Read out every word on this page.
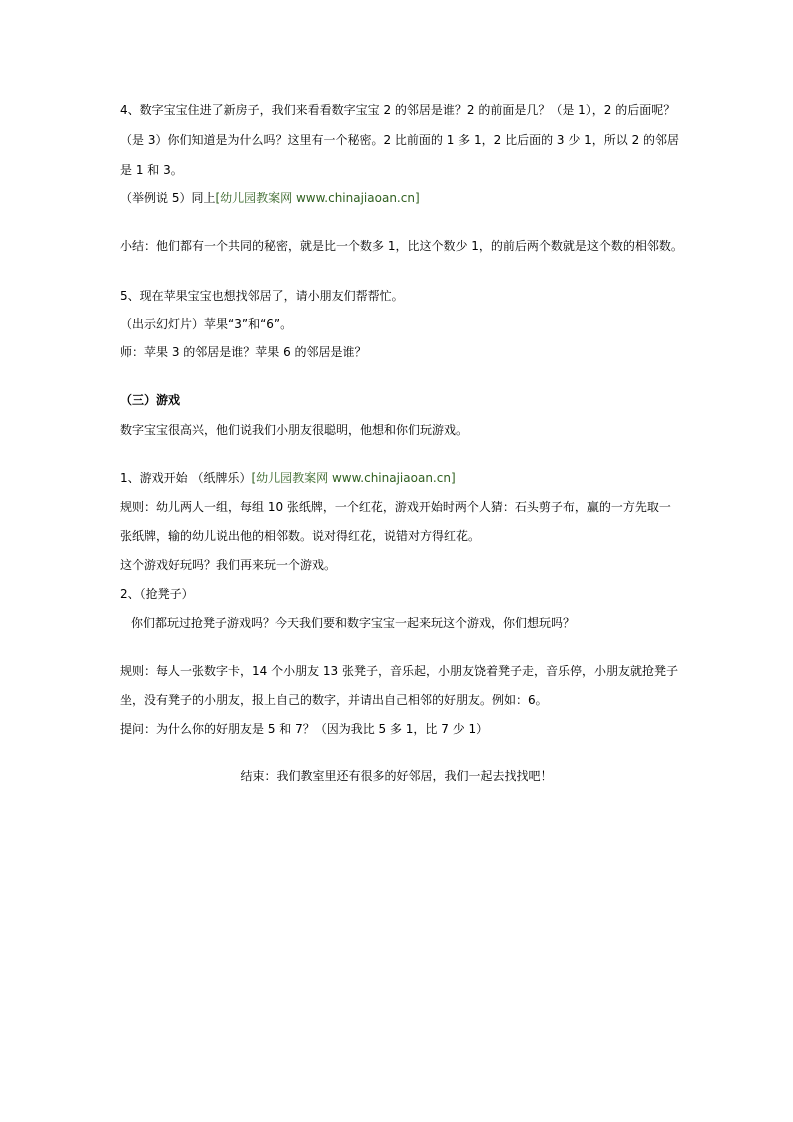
4、数字宝宝住进了新房子，我们来看看数字宝宝 2 的邻居是谁？2 的前面是几？（是 1），2 的后面呢？
（是 3）你们知道是为什么吗？这里有一个秘密。2 比前面的 1 多 1，2 比后面的 3 少 1，所以 2 的邻居
是 1 和 3。
（举例说 5）同上[幼儿园教案网 www.chinajiaoan.cn]
小结：他们都有一个共同的秘密，就是比一个数多 1，比这个数少 1，的前后两个数就是这个数的相邻数。
5、现在苹果宝宝也想找邻居了，请小朋友们帮帮忙。
（出示幻灯片）苹果“3”和“6”。
师：苹果 3 的邻居是谁？苹果 6 的邻居是谁？
（三）游戏
数字宝宝很高兴，他们说我们小朋友很聪明，他想和你们玩游戏。
1、游戏开始 （纸牌乐）[幼儿园教案网 www.chinajiaoan.cn]
规则：幼儿两人一组，每组 10 张纸牌，一个红花，游戏开始时两个人猜：石头剪子布，赢的一方先取一
张纸牌，输的幼儿说出他的相邻数。说对得红花，说错对方得红花。
这个游戏好玩吗？我们再来玩一个游戏。
2、（抢凳子）
你们都玩过抢凳子游戏吗？今天我们要和数字宝宝一起来玩这个游戏，你们想玩吗？
规则：每人一张数字卡，14 个小朋友 13 张凳子，音乐起，小朋友饶着凳子走，音乐停，小朋友就抢凳子
坐，没有凳子的小朋友，报上自己的数字，并请出自己相邻的好朋友。例如：6。
提问：为什么你的好朋友是 5 和 7？（因为我比 5 多 1，比 7 少 1）
结束：我们教室里还有很多的好邻居，我们一起去找找吧！
